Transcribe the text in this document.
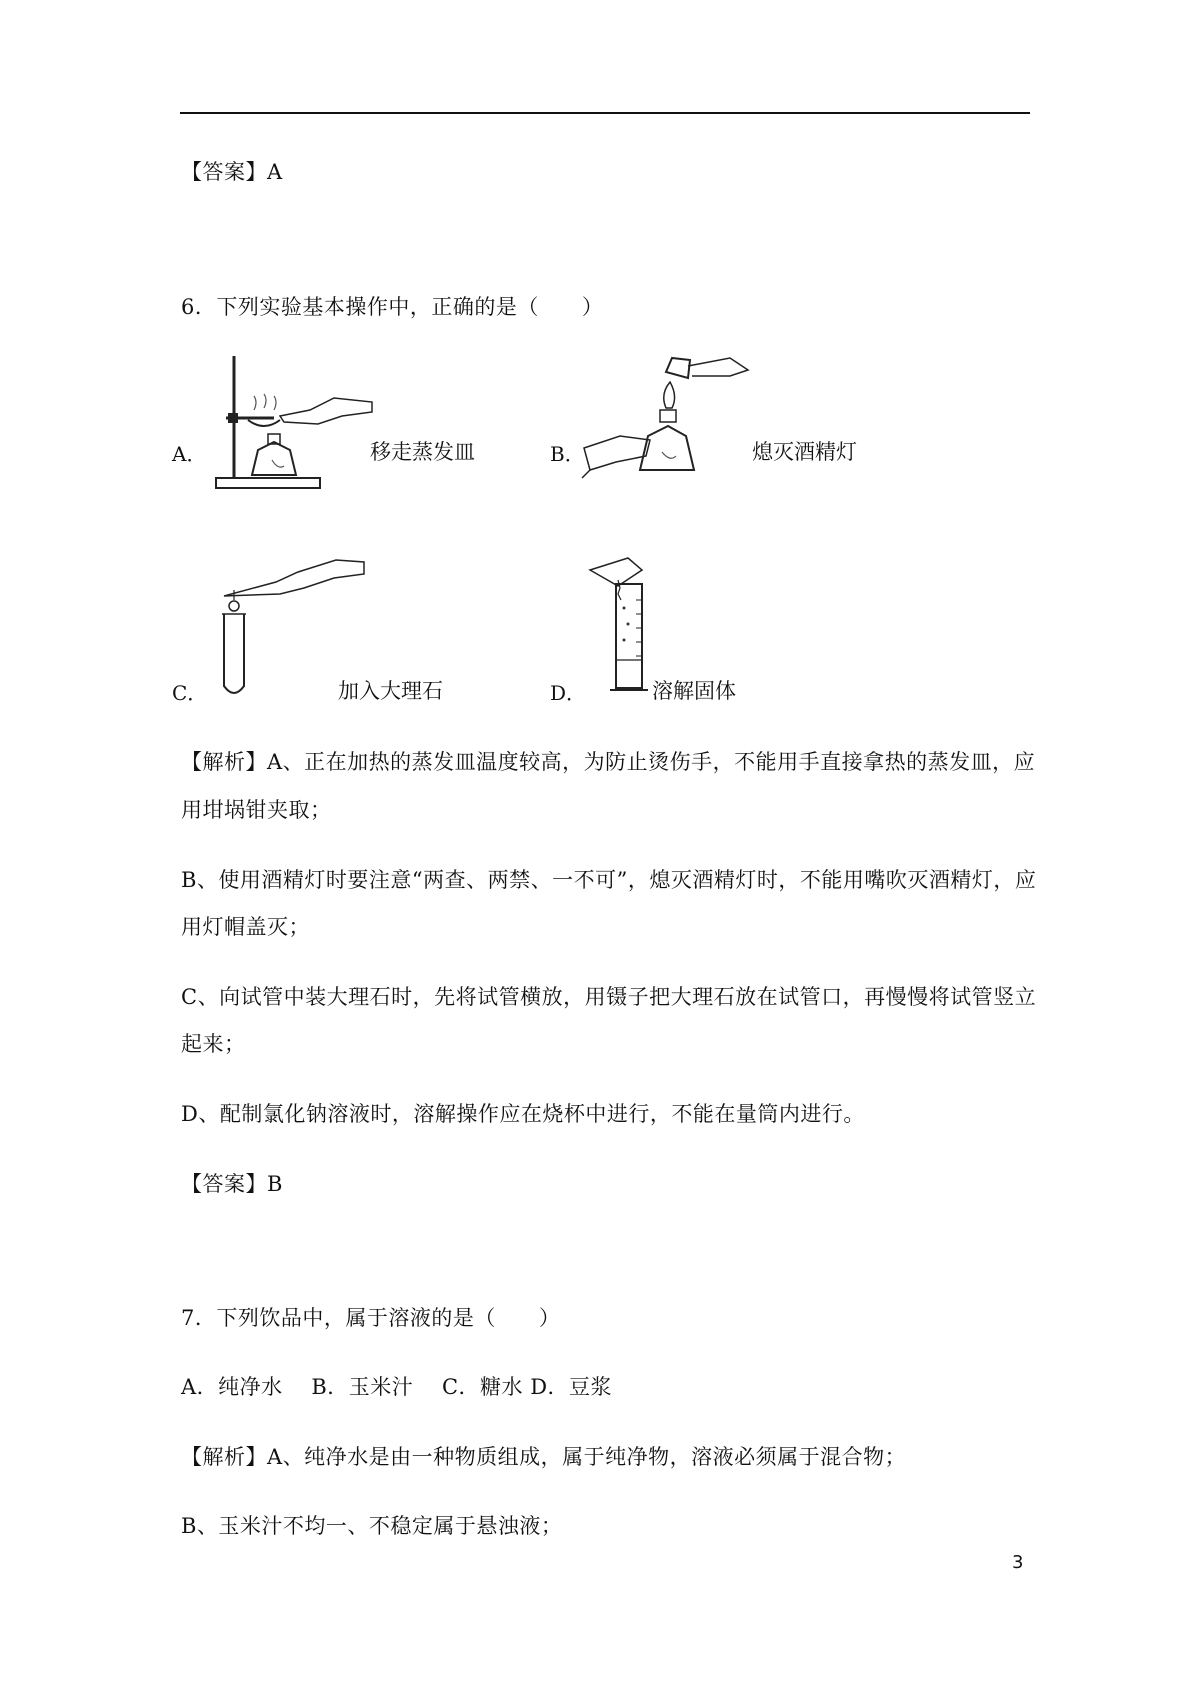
【答案】A
6．下列实验基本操作中，正确的是（　　）
A．	移走蒸发皿	B．	熄灭酒精灯
C．	加入大理石	D．	溶解固体
【解析】A、正在加热的蒸发皿温度较高，为防止烫伤手，不能用手直接拿热的蒸发皿，应
用坩埚钳夹取；
B、使用酒精灯时要注意“两查、两禁、一不可”，熄灭酒精灯时，不能用嘴吹灭酒精灯，应
用灯帽盖灭；
C、向试管中装大理石时，先将试管横放，用镊子把大理石放在试管口，再慢慢将试管竖立
起来；
D、配制氯化钠溶液时，溶解操作应在烧杯中进行，不能在量筒内进行。
【答案】B
7．下列饮品中，属于溶液的是（　　）
A．纯净水　 B．玉米汁　 C．糖水 D．豆浆
【解析】A、纯净水是由一种物质组成，属于纯净物，溶液必须属于混合物；
B、玉米汁不均一、不稳定属于悬浊液；
3
